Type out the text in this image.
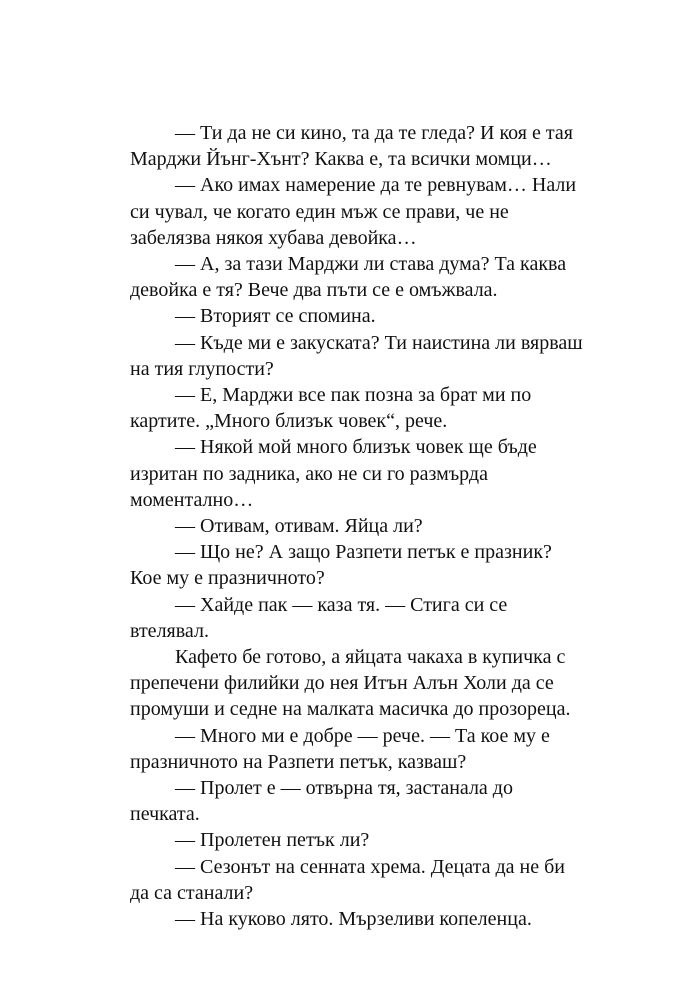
— Ти да не си кино, та да те гледа? И коя е тая
Марджи Йънг-Хънт? Каква е, та всички момци…
— Ако имах намерение да те ревнувам… Нали
си чувал, че когато един мъж се прави, че не
забелязва някоя хубава девойка…
— А, за тази Марджи ли става дума? Та каква
девойка е тя? Вече два пъти се е омъжвала.
— Вторият се спомина.
— Къде ми е закуската? Ти наистина ли вярваш
на тия глупости?
— Е, Марджи все пак позна за брат ми по
картите. „Много близък човек“, рече.
— Някой мой много близък човек ще бъде
изритан по задника, ако не си го размърда
моментално…
— Отивам, отивам. Яйца ли?
— Що не? А защо Разпети петък е празник?
Кое му е празничното?
— Хайде пак — каза тя. — Стига си се
втелявал.
Кафето бе готово, а яйцата чакаха в купичка с
препечени филийки до нея Итън Алън Холи да се
промуши и седне на малката масичка до прозореца.
— Много ми е добре — рече. — Та кое му е
празничното на Разпети петък, казваш?
— Пролет е — отвърна тя, застанала до
печката.
— Пролетен петък ли?
— Сезонът на сенната хрема. Децата да не би
да са станали?
— На куково лято. Мързеливи копеленца.
